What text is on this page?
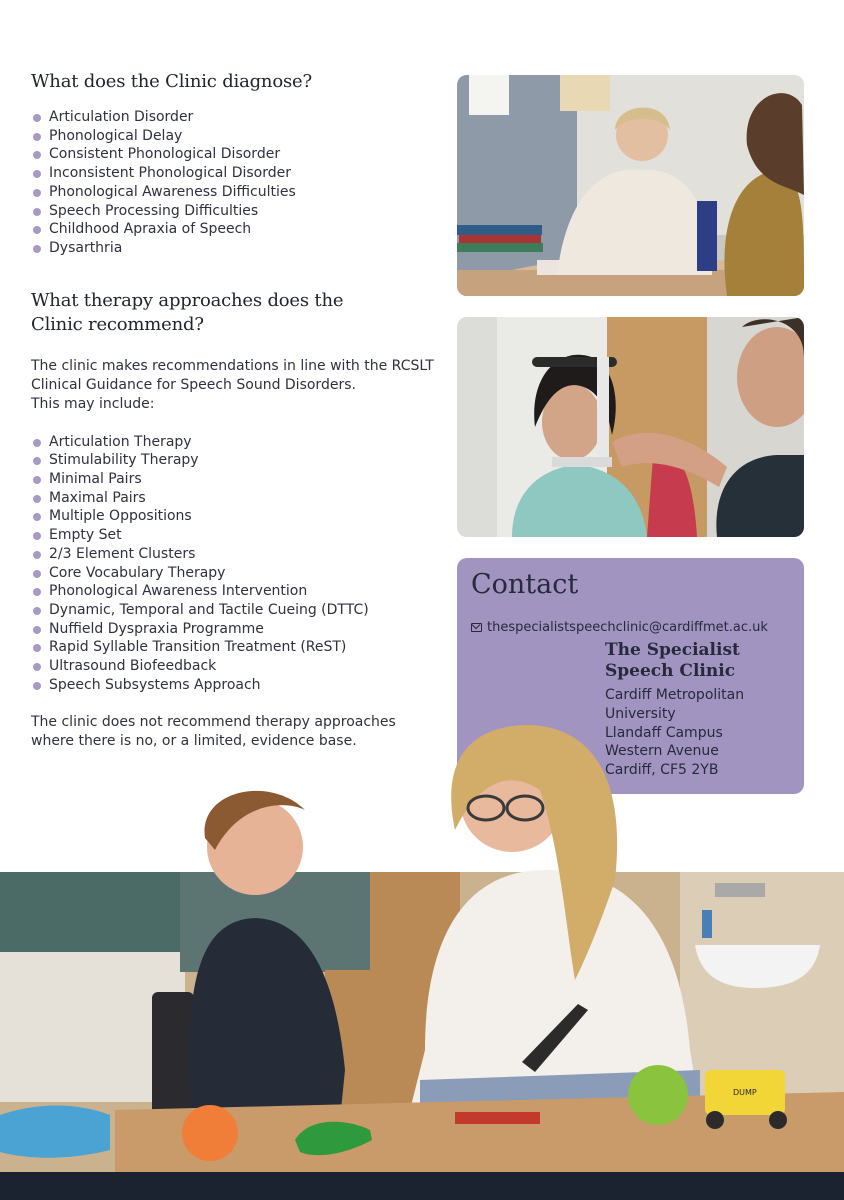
What does the Clinic diagnose?
Articulation Disorder
Phonological Delay
Consistent Phonological Disorder
Inconsistent Phonological Disorder
Phonological Awareness Difficulties
Speech Processing Difficulties
Childhood Apraxia of Speech
Dysarthria
What therapy approaches does the
Clinic recommend?

The clinic makes recommendations in line with the RCSLT
Clinical Guidance for Speech Sound Disorders.
This may include:

Articulation Therapy
Stimulability Therapy
Minimal Pairs
Maximal Pairs
Multiple Oppositions
Empty Set
2/3 Element Clusters
Core Vocabulary Therapy
Phonological Awareness Intervention
Dynamic, Temporal and Tactile Cueing (DTTC)
Nuffield Dyspraxia Programme
Rapid Syllable Transition Treatment (ReST)
Ultrasound Biofeedback
Speech Subsystems Approach

The clinic does not recommend therapy approaches
where there is no, or a limited, evidence base.

Contact
thespecialistspeechclinic@cardiffmet.ac.uk
The Specialist
Speech Clinic
Cardiff Metropolitan
University
Llandaff Campus
Western Avenue
Cardiff, CF5 2YB
DUMP
